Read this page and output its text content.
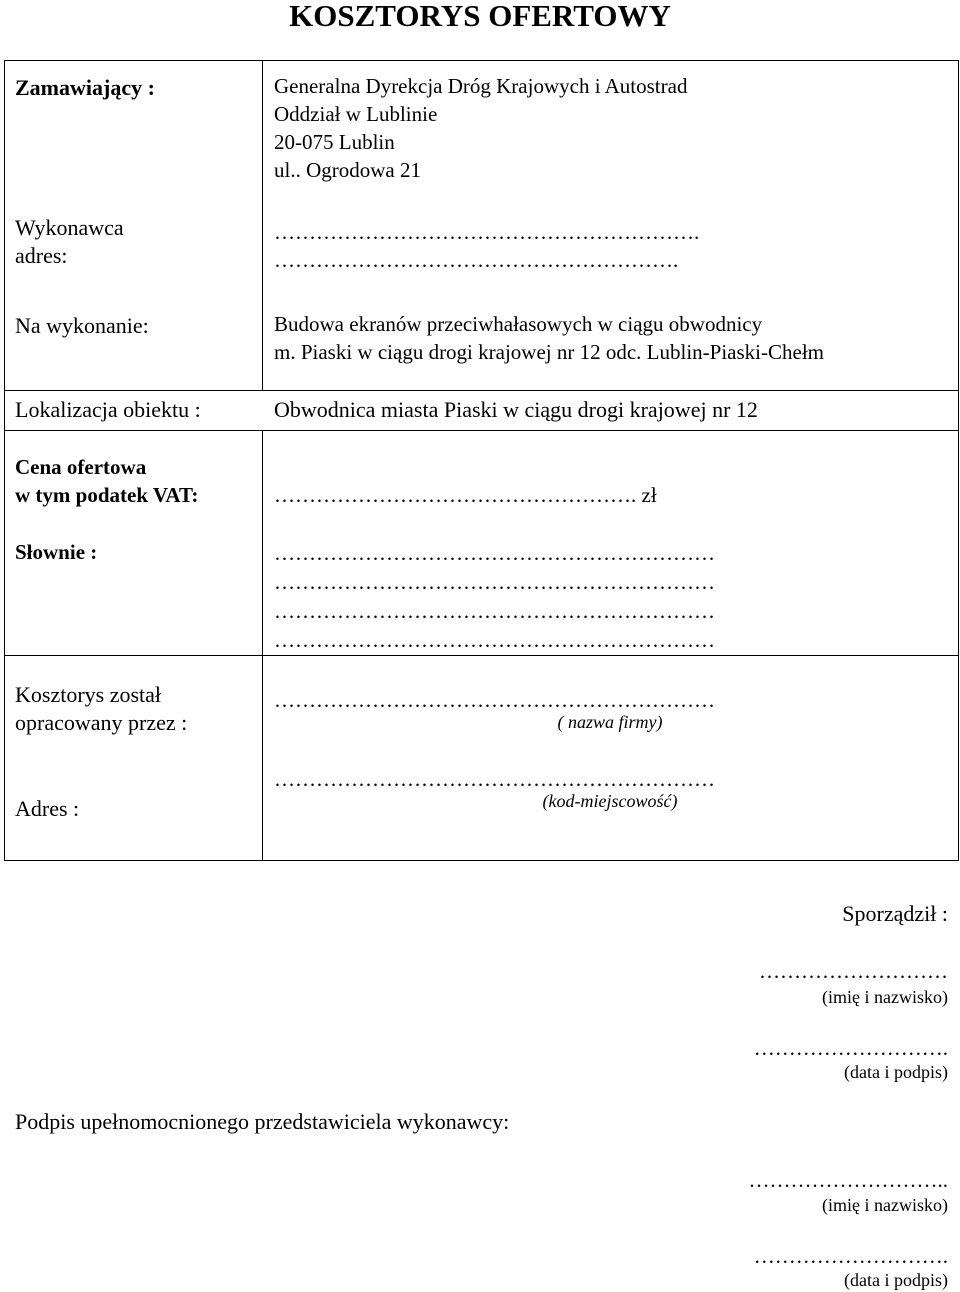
KOSZTORYS OFERTOWY
Zamawiający :	Generalna Dyrekcja Dróg Krajowych i Autostrad
Oddział w Lublinie
20-075 Lublin
ul.. Ogrodowa 21
Wykonawca
adres:
…………………………………………………….
………………………………………………….
Na wykonanie:	Budowa ekranów przeciwhałasowych w ciągu obwodnicy
m. Piaski w ciągu drogi krajowej nr 12 odc. Lublin-Piaski-Chełm
Lokalizacja obiektu :	Obwodnica miasta Piaski w ciągu drogi krajowej nr 12
Cena ofertowa
w tym podatek VAT:	……………………………………………. zł
Słownie :	………………………………………………………
………………………………………………………
………………………………………………………
………………………………………………………
Kosztorys został
opracowany przez :
………………………………………………………
( nazwa firmy)
Adres :
………………………………………………………
(kod-miejscowość)
Sporządził :
………………………
(imię i nazwisko)
……………………….
(data i podpis)
Podpis upełnomocnionego przedstawiciela wykonawcy:
………………………..
(imię i nazwisko)
……………………….
(data i podpis)
